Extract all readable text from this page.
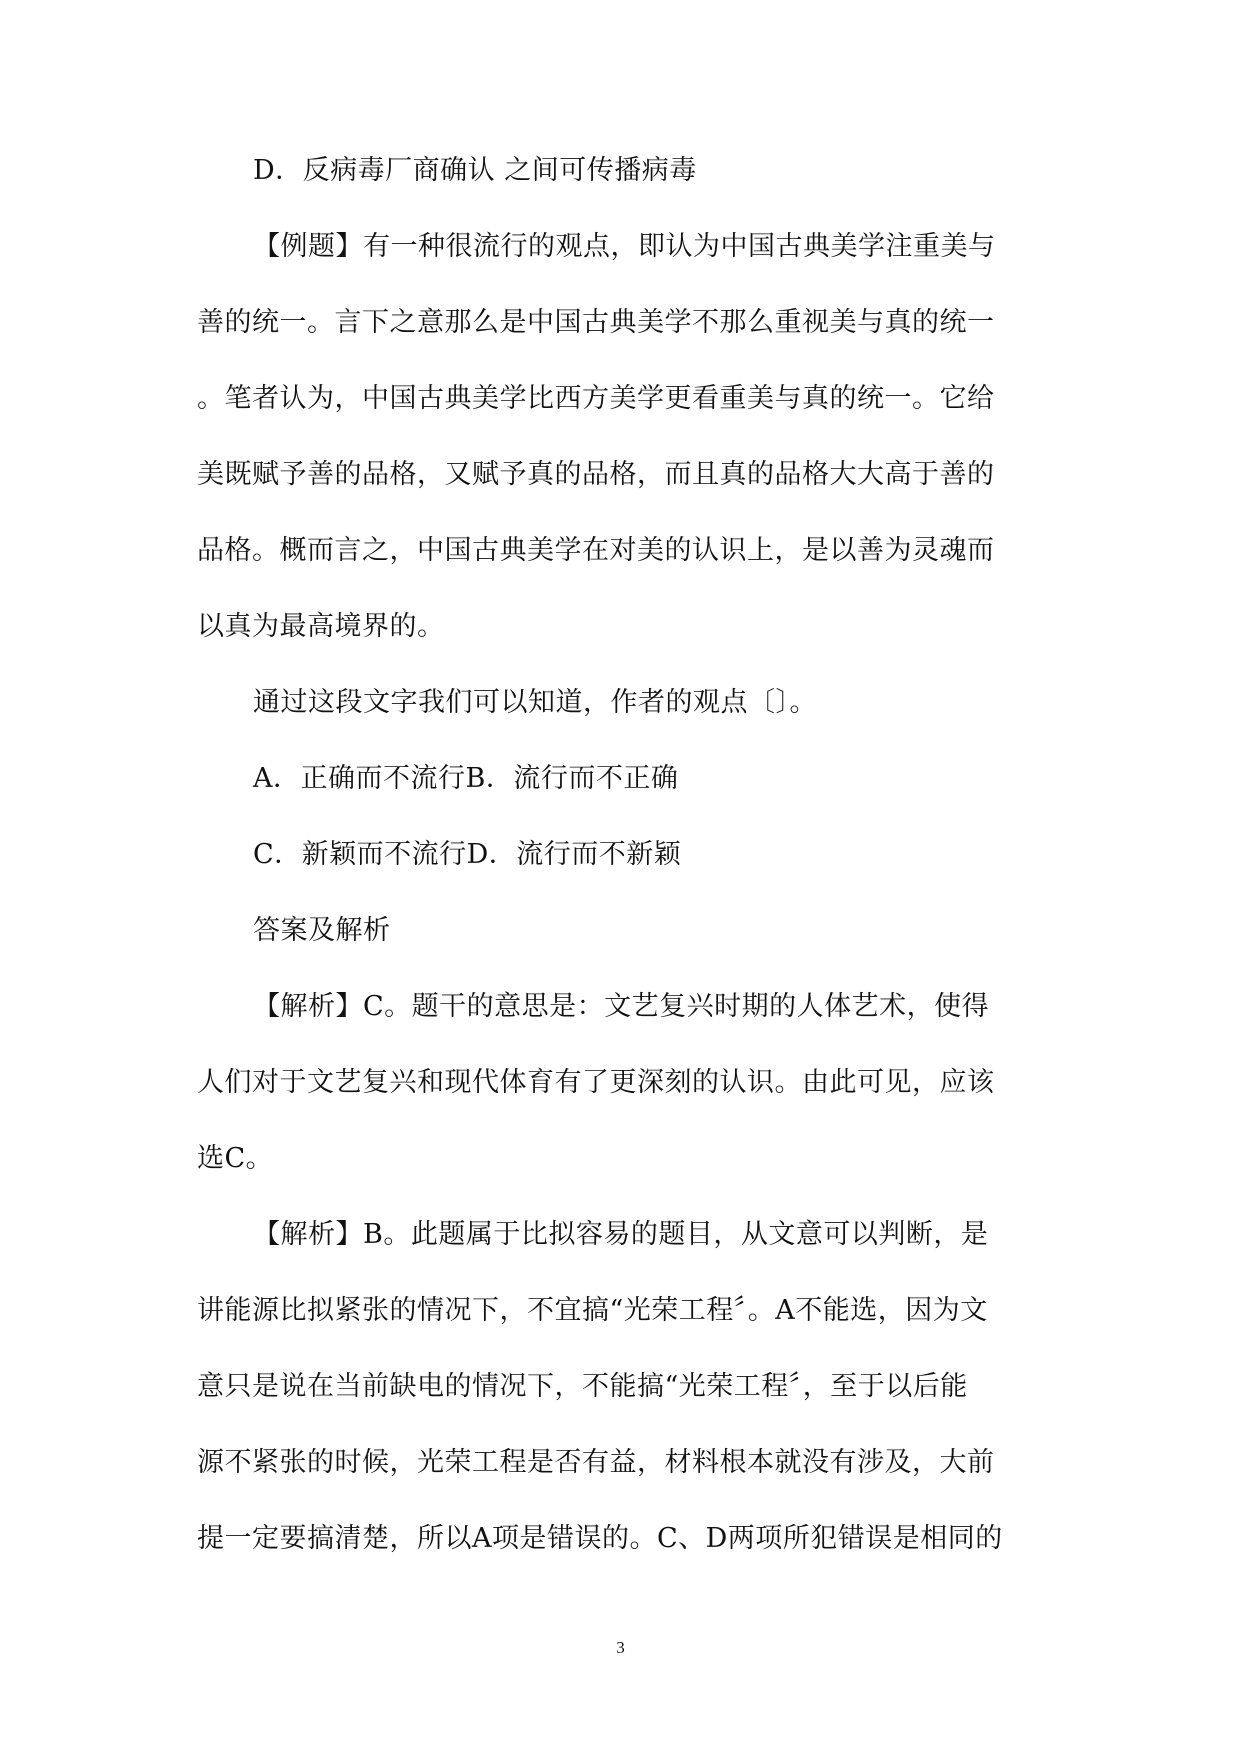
D．反病毒厂商确认 之间可传播病毒
【例题】有一种很流行的观点，即认为中国古典美学注重美与
善的统一。言下之意那么是中国古典美学不那么重视美与真的统一
。笔者认为，中国古典美学比西方美学更看重美与真的统一。它给
美既赋予善的品格，又赋予真的品格，而且真的品格大大高于善的
品格。概而言之，中国古典美学在对美的认识上，是以善为灵魂而
以真为最高境界的。
通过这段文字我们可以知道，作者的观点〔〕。
A．正确而不流行B．流行而不正确
C．新颖而不流行D．流行而不新颖
答案及解析
【解析】C。题干的意思是：文艺复兴时期的人体艺术，使得
人们对于文艺复兴和现代体育有了更深刻的认识。由此可见，应该
选C。
【解析】B。此题属于比拟容易的题目，从文意可以判断，是
讲能源比拟紧张的情况下，不宜搞“光荣工程〞。A不能选，因为文
意只是说在当前缺电的情况下，不能搞“光荣工程〞，至于以后能
源不紧张的时候，光荣工程是否有益，材料根本就没有涉及，大前
提一定要搞清楚，所以A项是错误的。C、D两项所犯错误是相同的
3
